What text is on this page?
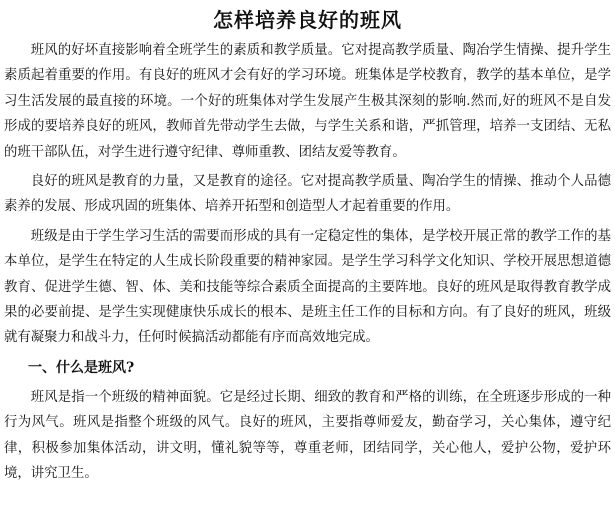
怎样培养良好的班风

班风的好坏直接影响着全班学生的素质和教学质量。它对提高教学质量、陶冶学生情操、提升学生素质起着重要的作用。有良好的班风才会有好的学习环境。班集体是学校教育，教学的基本单位，是学习生活发展的最直接的环境。一个好的班集体对学生发展产生极其深刻的影响.然而,好的班风不是自发形成的要培养良好的班风，教师首先带动学生去做，与学生关系和谐，严抓管理，培养一支团结、无私的班干部队伍，对学生进行遵守纪律、尊师重教、团结友爱等教育。

良好的班风是教育的力量，又是教育的途径。它对提高教学质量、陶冶学生的情操、推动个人品德素养的发展、形成巩固的班集体、培养开拓型和创造型人才起着重要的作用。

班级是由于学生学习生活的需要而形成的具有一定稳定性的集体，是学校开展正常的教学工作的基本单位，是学生在特定的人生成长阶段重要的精神家园。是学生学习科学文化知识、学校开展思想道德教育、促进学生德、智、体、美和技能等综合素质全面提高的主要阵地。良好的班风是取得教育教学成果的必要前提、是学生实现健康快乐成长的根本、是班主任工作的目标和方向。有了良好的班风，班级就有凝聚力和战斗力，任何时候搞活动都能有序而高效地完成。

一、什么是班风?

班风是指一个班级的精神面貌。它是经过长期、细致的教育和严格的训练，在全班逐步形成的一种行为风气。班风是指整个班级的风气。良好的班风，主要指尊师爱友，勤奋学习，关心集体，遵守纪律，积极参加集体活动，讲文明，懂礼貌等等，尊重老师，团结同学，关心他人，爱护公物，爱护环境，讲究卫生。
